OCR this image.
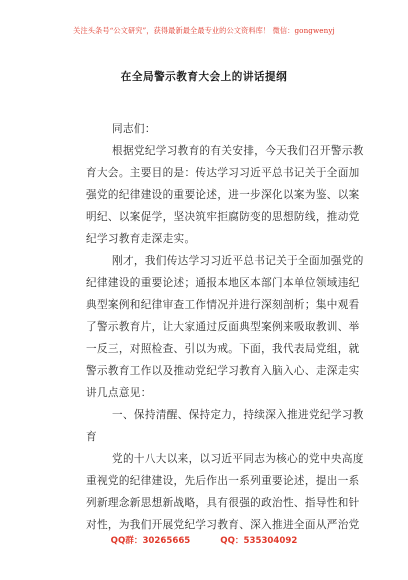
关注头条号“公文研究”，获得最新最全最专业的公文资料库！ 微信：gongwenyj
在全局警示教育大会上的讲话提纲
同志们：
根据党纪学习教育的有关安排，今天我们召开警示教
育大会。主要目的是：传达学习习近平总书记关于全面加
强党的纪律建设的重要论述，进一步深化以案为鉴、以案
明纪、以案促学，坚决筑牢拒腐防变的思想防线，推动党
纪学习教育走深走实。
刚才，我们传达学习习近平总书记关于全面加强党的
纪律建设的重要论述；通报本地区本部门本单位领域违纪
典型案例和纪律审查工作情况并进行深刻剖析；集中观看
了警示教育片，让大家通过反面典型案例来吸取教训、举
一反三，对照检查、引以为戒。下面，我代表局党组，就
警示教育工作以及推动党纪学习教育入脑入心、走深走实
讲几点意见：
一、保持清醒、保持定力，持续深入推进党纪学习教
育
党的十八大以来，以习近平同志为核心的党中央高度
重视党的纪律建设，先后作出一系列重要论述，提出一系
列新理念新思想新战略，具有很强的政治性、指导性和针
对性，为我们开展党纪学习教育、深入推进全面从严治党
QQ群：30265665	QQ：535304092
